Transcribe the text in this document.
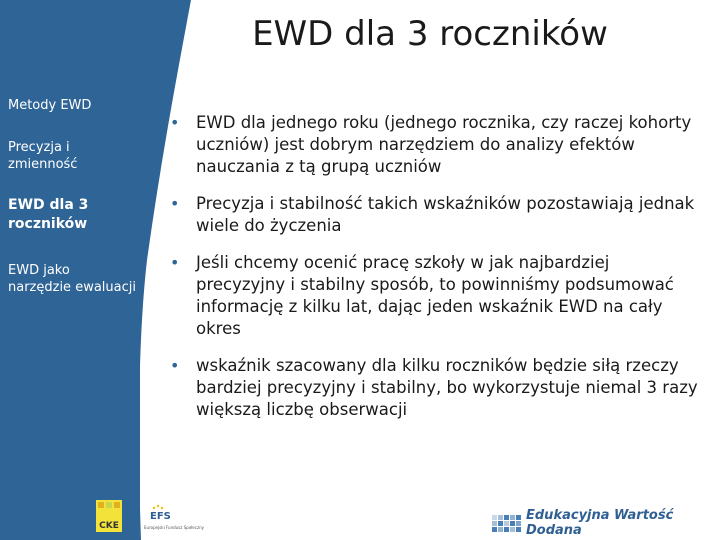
EWD dla 3 roczników
Metody EWD
Precyzja i zmienność
EWD dla 3 roczników
EWD jako narzędzie ewaluacji
• EWD dla jednego roku (jednego rocznika, czy raczej kohorty uczniów) jest dobrym narzędziem do analizy efektów nauczania z tą grupą uczniów
• Precyzja i stabilność takich wskaźników pozostawiają jednak wiele do życzenia
• Jeśli chcemy ocenić pracę szkoły w jak najbardziej precyzyjny i stabilny sposób, to powinniśmy podsumować informację z kilku lat, dając jeden wskaźnik EWD na cały okres
• wskaźnik szacowany dla kilku roczników będzie siłą rzeczy bardziej precyzyjny i stabilny, bo wykorzystuje niemal 3 razy większą liczbę obserwacji
CKE
EFS
Europejski Fundusz Społeczny
Edukacyjna Wartość Dodana
